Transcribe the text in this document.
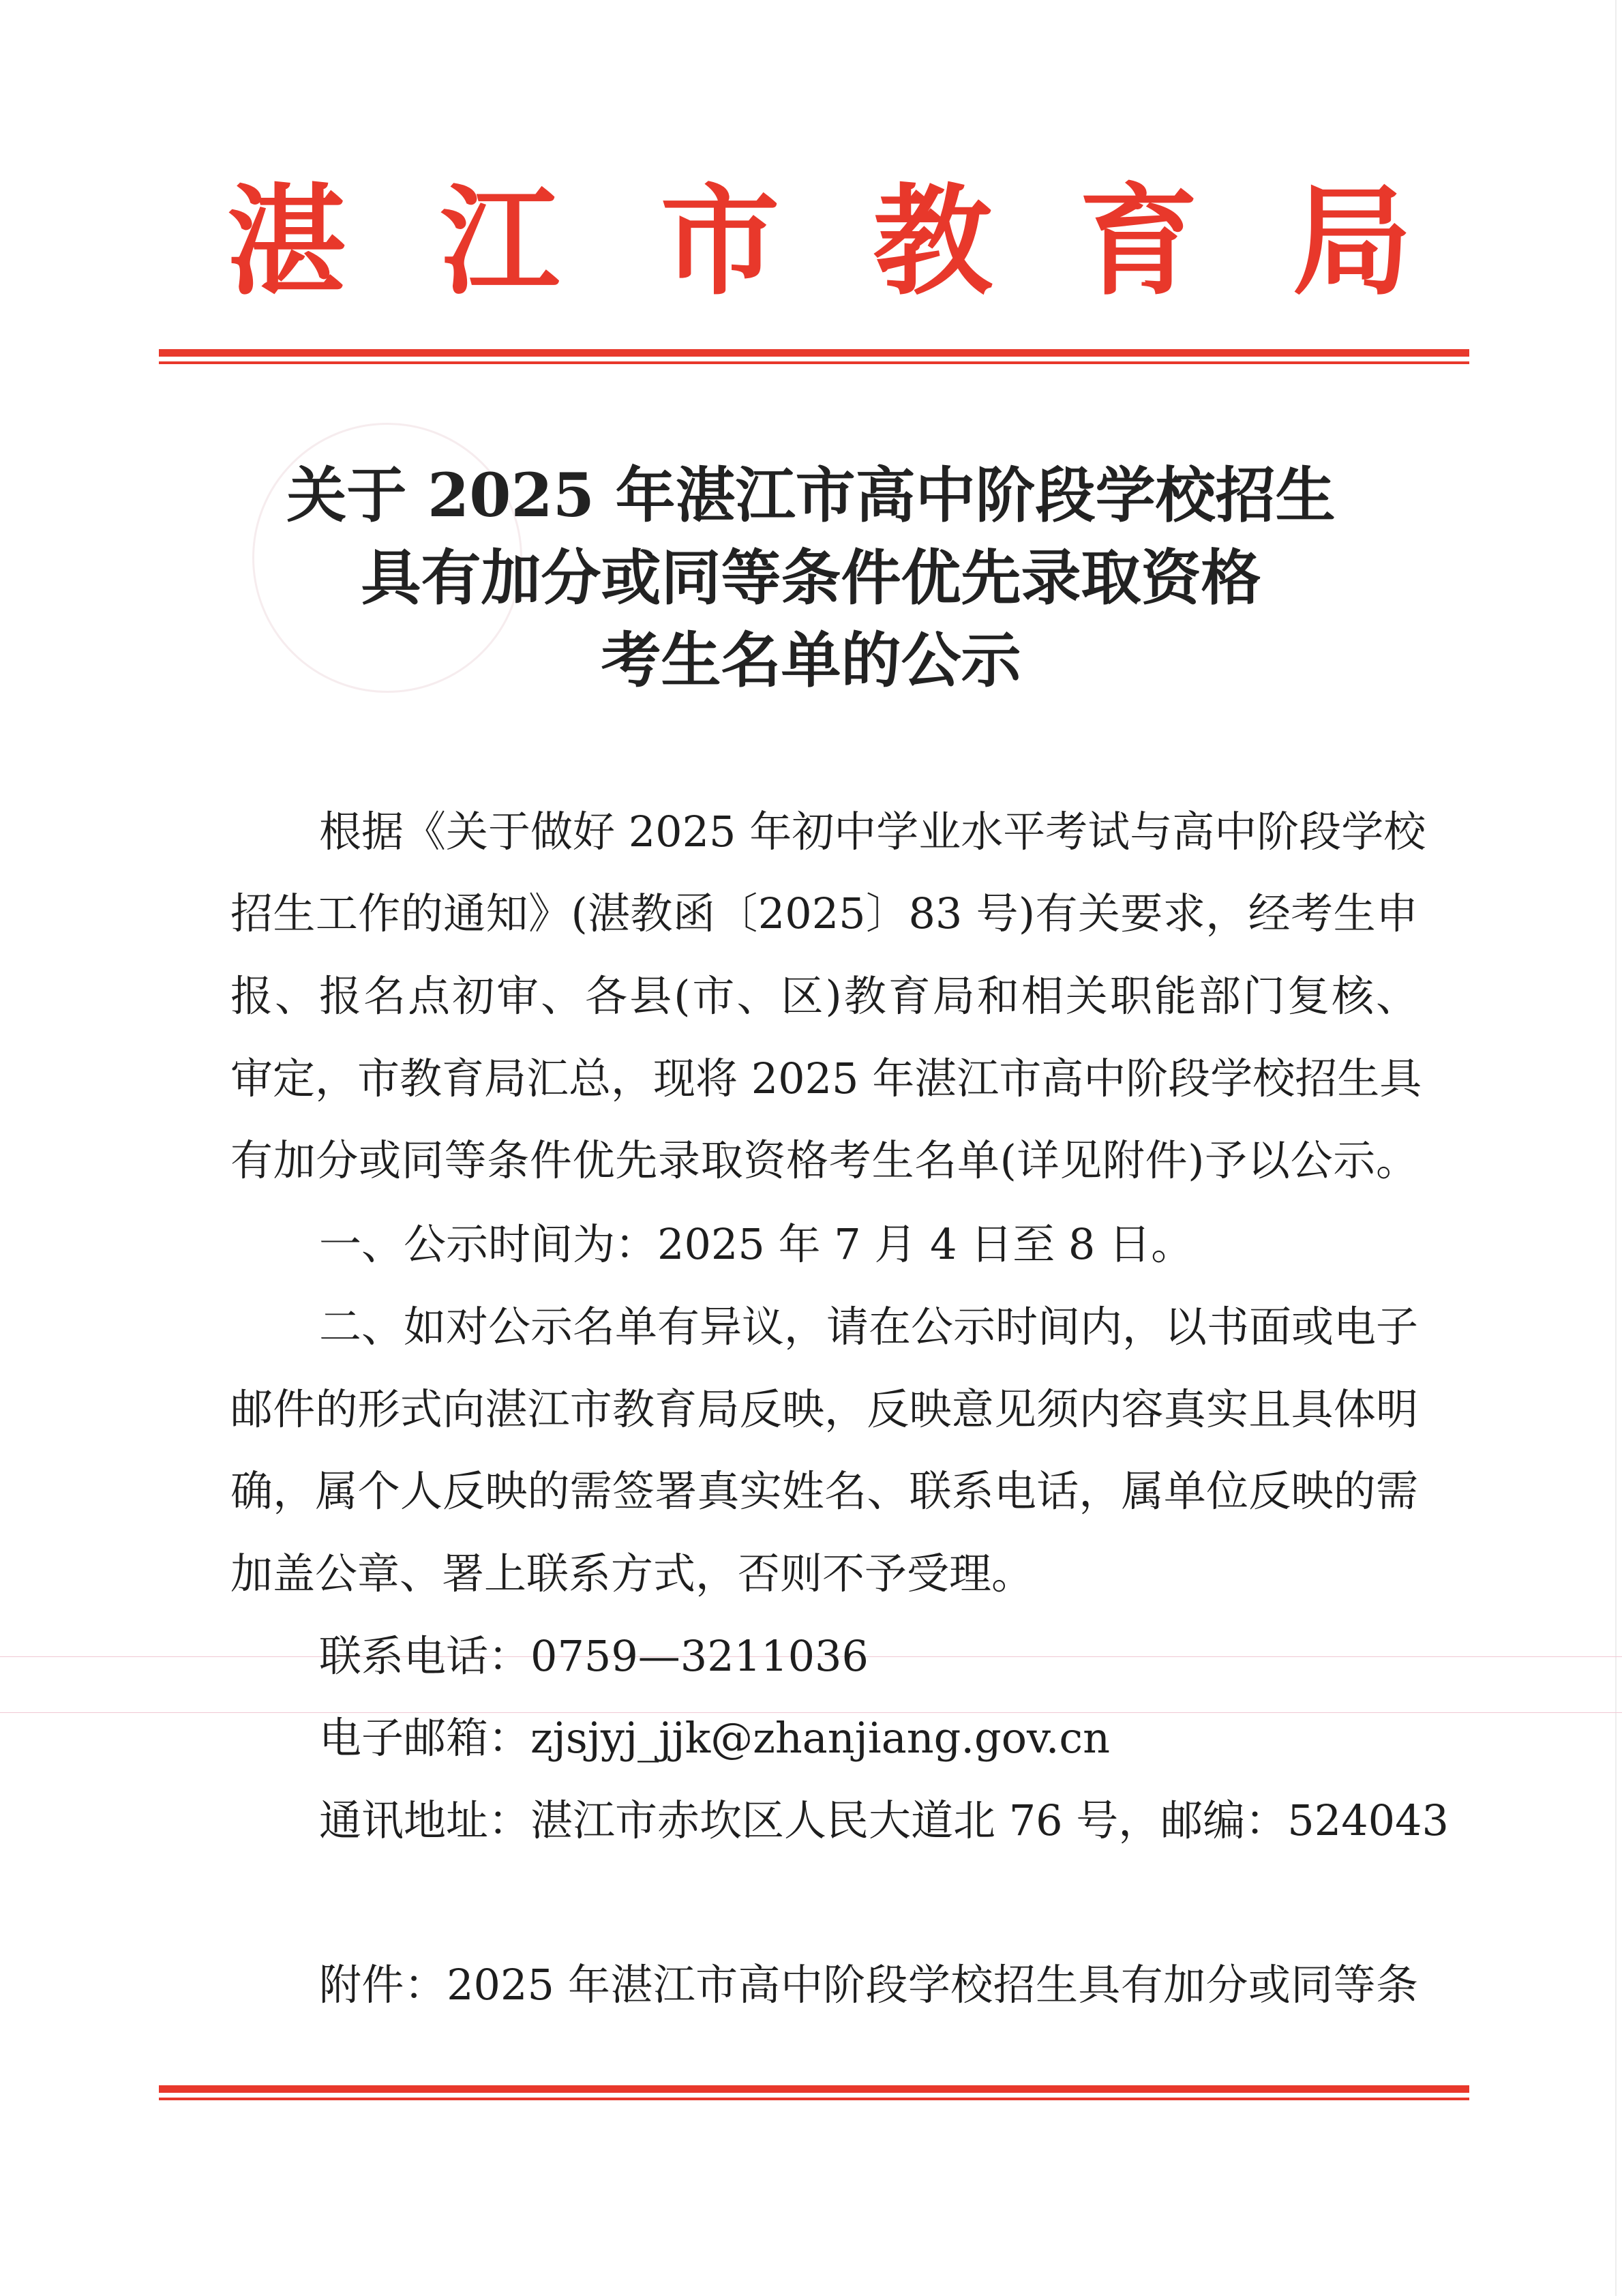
湛 江 市 教 育 局
关于 2025 年湛江市高中阶段学校招生
具有加分或同等条件优先录取资格
考生名单的公示
根据《关于做好 2025 年初中学业水平考试与高中阶段学校
招生工作的通知》(湛教函〔2025〕83 号)有关要求，经考生申
报、报名点初审、各县(市、区)教育局和相关职能部门复核、
审定，市教育局汇总，现将 2025 年湛江市高中阶段学校招生具
有加分或同等条件优先录取资格考生名单(详见附件)予以公示。
一、公示时间为：2025 年 7 月 4 日至 8 日。
二、如对公示名单有异议，请在公示时间内，以书面或电子
邮件的形式向湛江市教育局反映，反映意见须内容真实且具体明
确，属个人反映的需签署真实姓名、联系电话，属单位反映的需
加盖公章、署上联系方式，否则不予受理。
联系电话：0759—3211036
电子邮箱：zjsjyj_jjk@zhanjiang.gov.cn
通讯地址：湛江市赤坎区人民大道北 76 号，邮编：524043
附件：2025 年湛江市高中阶段学校招生具有加分或同等条
